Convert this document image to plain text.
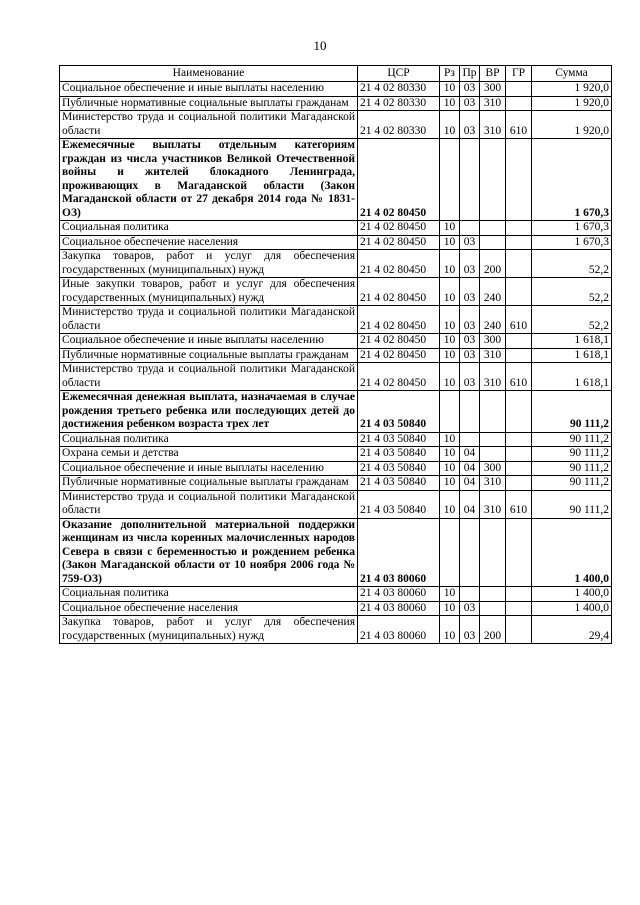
10
Наименование	ЦСР	Рз	Пр	ВР	ГР	Сумма
Социальное обеспечение и иные выплаты населению	21 4 02 80330	10	03	300		1 920,0
Публичные нормативные социальные выплаты гражданам	21 4 02 80330	10	03	310		1 920,0
Министерство труда и социальной политики Магаданской области	21 4 02 80330	10	03	310	610	1 920,0
Ежемесячные выплаты отдельным категориям граждан из числа участников Великой Отечественной войны и жителей блокадного Ленинграда, проживающих в Магаданской области (Закон Магаданской области от 27 декабря 2014 года № 1831-ОЗ)	21 4 02 80450					1 670,3
Социальная политика	21 4 02 80450	10				1 670,3
Социальное обеспечение населения	21 4 02 80450	10	03			1 670,3
Закупка товаров, работ и услуг для обеспечения государственных (муниципальных) нужд	21 4 02 80450	10	03	200		52,2
Иные закупки товаров, работ и услуг для обеспечения государственных (муниципальных) нужд	21 4 02 80450	10	03	240		52,2
Министерство труда и социальной политики Магаданской области	21 4 02 80450	10	03	240	610	52,2
Социальное обеспечение и иные выплаты населению	21 4 02 80450	10	03	300		1 618,1
Публичные нормативные социальные выплаты гражданам	21 4 02 80450	10	03	310		1 618,1
Министерство труда и социальной политики Магаданской области	21 4 02 80450	10	03	310	610	1 618,1
Ежемесячная денежная выплата, назначаемая в случае рождения третьего ребенка или последующих детей до достижения ребенком возраста трех лет	21 4 03 50840					90 111,2
Социальная политика	21 4 03 50840	10				90 111,2
Охрана семьи и детства	21 4 03 50840	10	04			90 111,2
Социальное обеспечение и иные выплаты населению	21 4 03 50840	10	04	300		90 111,2
Публичные нормативные социальные выплаты гражданам	21 4 03 50840	10	04	310		90 111,2
Министерство труда и социальной политики Магаданской области	21 4 03 50840	10	04	310	610	90 111,2
Оказание дополнительной материальной поддержки женщинам из числа коренных малочисленных народов Севера в связи с беременностью и рождением ребенка (Закон Магаданской области от 10 ноября 2006 года № 759-ОЗ)	21 4 03 80060					1 400,0
Социальная политика	21 4 03 80060	10				1 400,0
Социальное обеспечение населения	21 4 03 80060	10	03			1 400,0
Закупка товаров, работ и услуг для обеспечения государственных (муниципальных) нужд	21 4 03 80060	10	03	200		29,4
